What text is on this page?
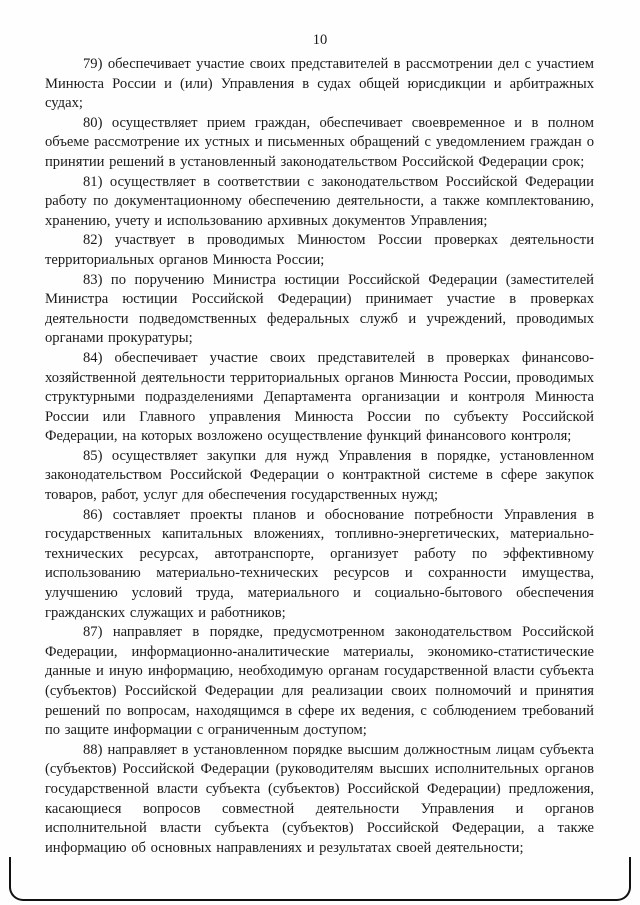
10

79) обеспечивает участие своих представителей в рассмотрении дел с участием Минюста России и (или) Управления в судах общей юрисдикции и арбитражных судах;

80) осуществляет прием граждан, обеспечивает своевременное и в полном объеме рассмотрение их устных и письменных обращений с уведомлением граждан о принятии решений в установленный законодательством Российской Федерации срок;

81) осуществляет в соответствии с законодательством Российской Федерации работу по документационному обеспечению деятельности, а также комплектованию, хранению, учету и использованию архивных документов Управления;

82) участвует в проводимых Минюстом России проверках деятельности территориальных органов Минюста России;

83) по поручению Министра юстиции Российской Федерации (заместителей Министра юстиции Российской Федерации) принимает участие в проверках деятельности подведомственных федеральных служб и учреждений, проводимых органами прокуратуры;

84) обеспечивает участие своих представителей в проверках финансово-хозяйственной деятельности территориальных органов Минюста России, проводимых структурными подразделениями Департамента организации и контроля Минюста России или Главного управления Минюста России по субъекту Российской Федерации, на которых возложено осуществление функций финансового контроля;

85) осуществляет закупки для нужд Управления в порядке, установленном законодательством Российской Федерации о контрактной системе в сфере закупок товаров, работ, услуг для обеспечения государственных нужд;

86) составляет проекты планов и обоснование потребности Управления в государственных капитальных вложениях, топливно-энергетических, материально-технических ресурсах, автотранспорте, организует работу по эффективному использованию материально-технических ресурсов и сохранности имущества, улучшению условий труда, материального и социально-бытового обеспечения гражданских служащих и работников;

87) направляет в порядке, предусмотренном законодательством Российской Федерации, информационно-аналитические материалы, экономико-статистические данные и иную информацию, необходимую органам государственной власти субъекта (субъектов) Российской Федерации для реализации своих полномочий и принятия решений по вопросам, находящимся в сфере их ведения, с соблюдением требований по защите информации с ограниченным доступом;

88) направляет в установленном порядке высшим должностным лицам субъекта (субъектов) Российской Федерации (руководителям высших исполнительных органов государственной власти субъекта (субъектов) Российской Федерации) предложения, касающиеся вопросов совместной деятельности Управления и органов исполнительной власти субъекта (субъектов) Российской Федерации, а также информацию об основных направлениях и результатах своей деятельности;
